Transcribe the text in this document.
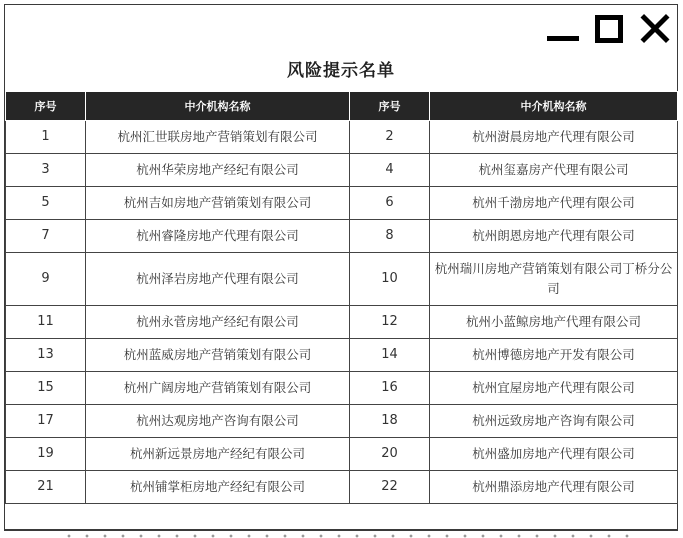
风险提示名单
序号	中介机构名称	序号	中介机构名称
1	杭州汇世联房地产营销策划有限公司	2	杭州澍晨房地产代理有限公司
3	杭州华荣房地产经纪有限公司	4	杭州玺嘉房产代理有限公司
5	杭州吉如房地产营销策划有限公司	6	杭州千渤房地产代理有限公司
7	杭州睿隆房地产代理有限公司	8	杭州朗恩房地产代理有限公司
9	杭州泽岩房地产代理有限公司	10	杭州瑞川房地产营销策划有限公司丁桥分公司
11	杭州永菅房地产经纪有限公司	12	杭州小蓝鲸房地产代理有限公司
13	杭州蓝威房地产营销策划有限公司	14	杭州博德房地产开发有限公司
15	杭州广阔房地产营销策划有限公司	16	杭州宜屋房地产代理有限公司
17	杭州达观房地产咨询有限公司	18	杭州远致房地产咨询有限公司
19	杭州新远景房地产经纪有限公司	20	杭州盛加房地产代理有限公司
21	杭州铺掌柜房地产经纪有限公司	22	杭州鼎添房地产代理有限公司
